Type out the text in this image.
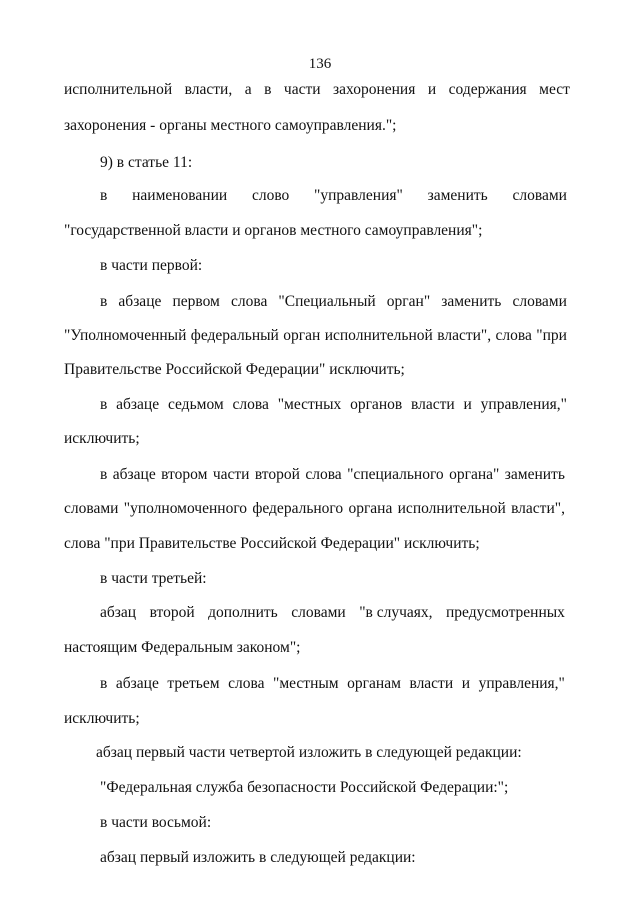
136
исполнительной власти, а в части захоронения и содержания мест
захоронения - органы местного самоуправления.";
9) в статье 11:
в наименовании слово "управления" заменить словами
"государственной власти и органов местного самоуправления";
в части первой:
в абзаце первом слова "Специальный орган" заменить словами
"Уполномоченный федеральный орган исполнительной власти", слова "при
Правительстве Российской Федерации" исключить;
в абзаце седьмом слова "местных органов власти и управления,"
исключить;
в абзаце втором части второй слова "специального органа" заменить
словами "уполномоченного федерального органа исполнительной власти",
слова "при Правительстве Российской Федерации" исключить;
в части третьей:
абзац второй дополнить словами "в случаях, предусмотренных
настоящим Федеральным законом";
в абзаце третьем слова "местным органам власти и управления,"
исключить;
абзац первый части четвертой изложить в следующей редакции:
"Федеральная служба безопасности Российской Федерации:";
в части восьмой:
абзац первый изложить в следующей редакции:
